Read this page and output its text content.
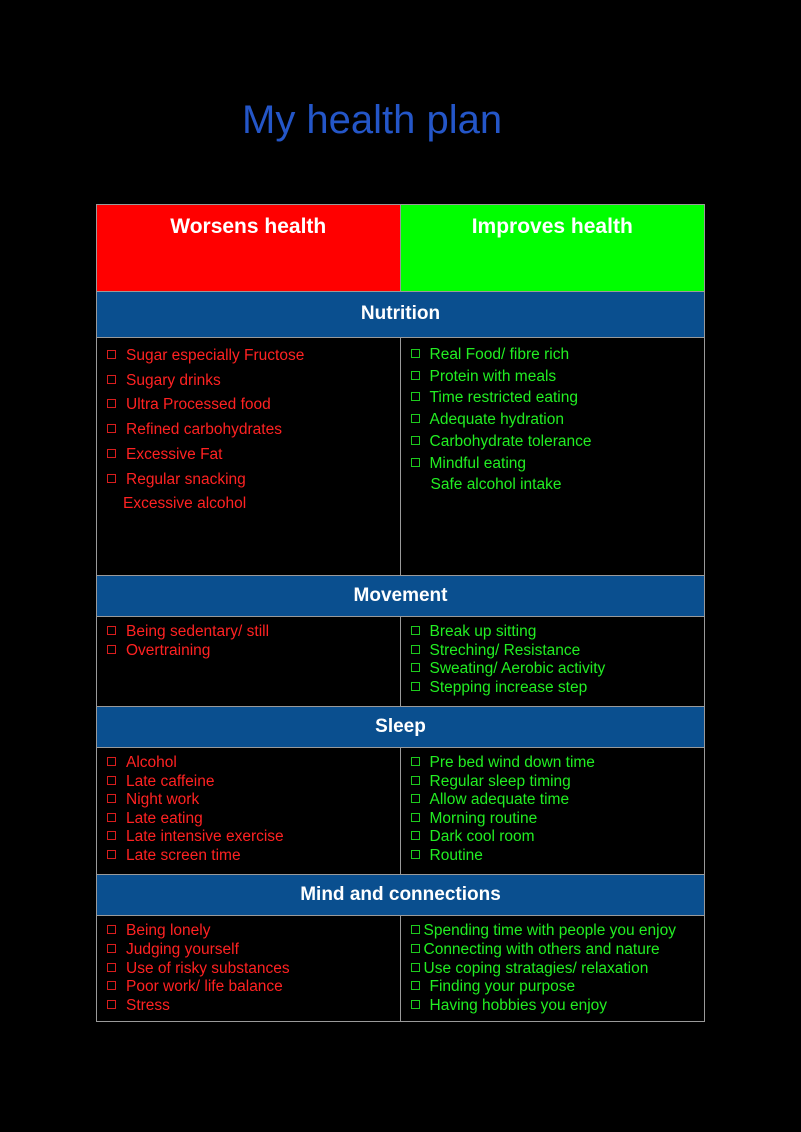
My health plan
Worsens health	Improves health
Nutrition
Sugar especially Fructose
Sugary drinks
Ultra Processed food
Refined carbohydrates
Excessive Fat
Regular snacking
Excessive alcohol
Real Food/ fibre rich
Protein with meals
Time restricted eating
Adequate hydration
Carbohydrate tolerance
Mindful eating
Safe alcohol intake
Movement
Being sedentary/ still
Overtraining
Break up sitting
Streching/ Resistance
Sweating/ Aerobic activity
Stepping increase step
Sleep
Alcohol
Late caffeine
Night work
Late eating
Late intensive exercise
Late screen time
Pre bed wind down time
Regular sleep timing
Allow adequate time
Morning routine
Dark cool room
Routine
Mind and connections
Being lonely
Judging yourself
Use of risky substances
Poor work/ life balance
Stress
Spending time with people you enjoy
Connecting with others and nature
Use coping stratagies/ relaxation
Finding your purpose
Having hobbies you enjoy
